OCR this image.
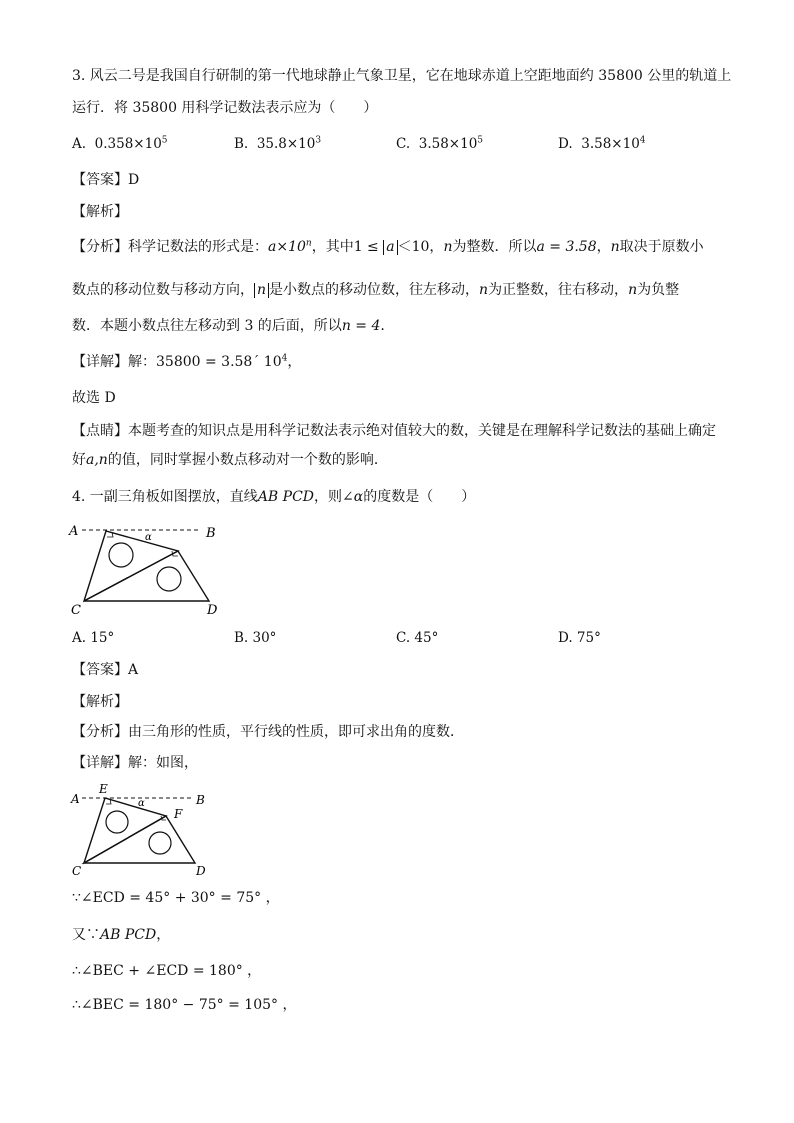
3. 风云二号是我国自行研制的第一代地球静止气象卫星，它在地球赤道上空距地面约 35800 公里的轨道上
运行．将 35800 用科学记数法表示应为（　　）
A. $0.358\times 10^5$	B. $35.8\times 10^3$	C. $3.58\times 10^5$	D. $3.58\times 10^4$
【答案】D
【解析】
【分析】科学记数法的形式是：$a\times 10^n$，其中1 ≤ a ＜10，n为整数．所以a = 3.58，n取决于原数小
数点的移动位数与移动方向， n 是小数点的移动位数，往左移动，n为正整数，往右移动，n为负整
数．本题小数点往左移动到 3 的后面，所以n = 4.
【详解】解：35800 = 3.58´ $10^4$，
故选 D
【点睛】本题考查的知识点是用科学记数法表示绝对值较大的数，关键是在理解科学记数法的基础上确定
好a,n的值，同时掌握小数点移动对一个数的影响．
4. 一副三角板如图摆放，直线AB PCD，则∠α的度数是（　　）
A	B
C	D
α
A. 15°	B. 30°	C. 45°	D. 75°
【答案】A
【解析】
【分析】由三角形的性质，平行线的性质，即可求出角的度数．
【详解】解：如图，
A	B
C	D
E
F
α
∵∠ECD = 45° + 30° = 75° ，
又∵AB PCD，
∴∠BEC + ∠ECD = 180° ，
∴∠BEC = 180° − 75° = 105° ，
